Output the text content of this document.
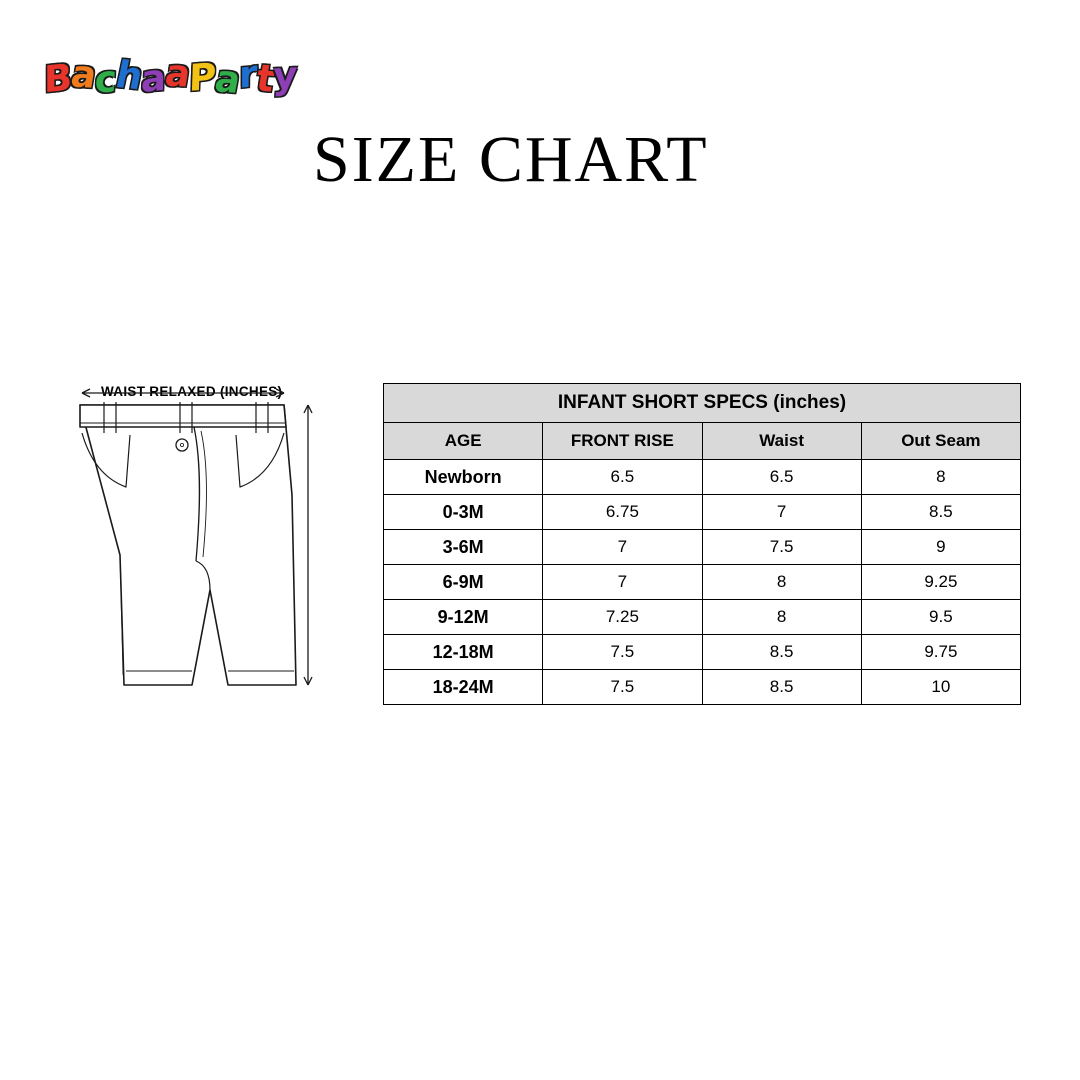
BachaaParty
SIZE CHART
WAIST RELAXED (INCHES)
INFANT SHORT SPECS (inches)			
AGE	FRONT RISE	Waist	Out Seam
Newborn	6.5	6.5	8
0-3M	6.75	7	8.5
3-6M	7	7.5	9
6-9M	7	8	9.25
9-12M	7.25	8	9.5
12-18M	7.5	8.5	9.75
18-24M	7.5	8.5	10
